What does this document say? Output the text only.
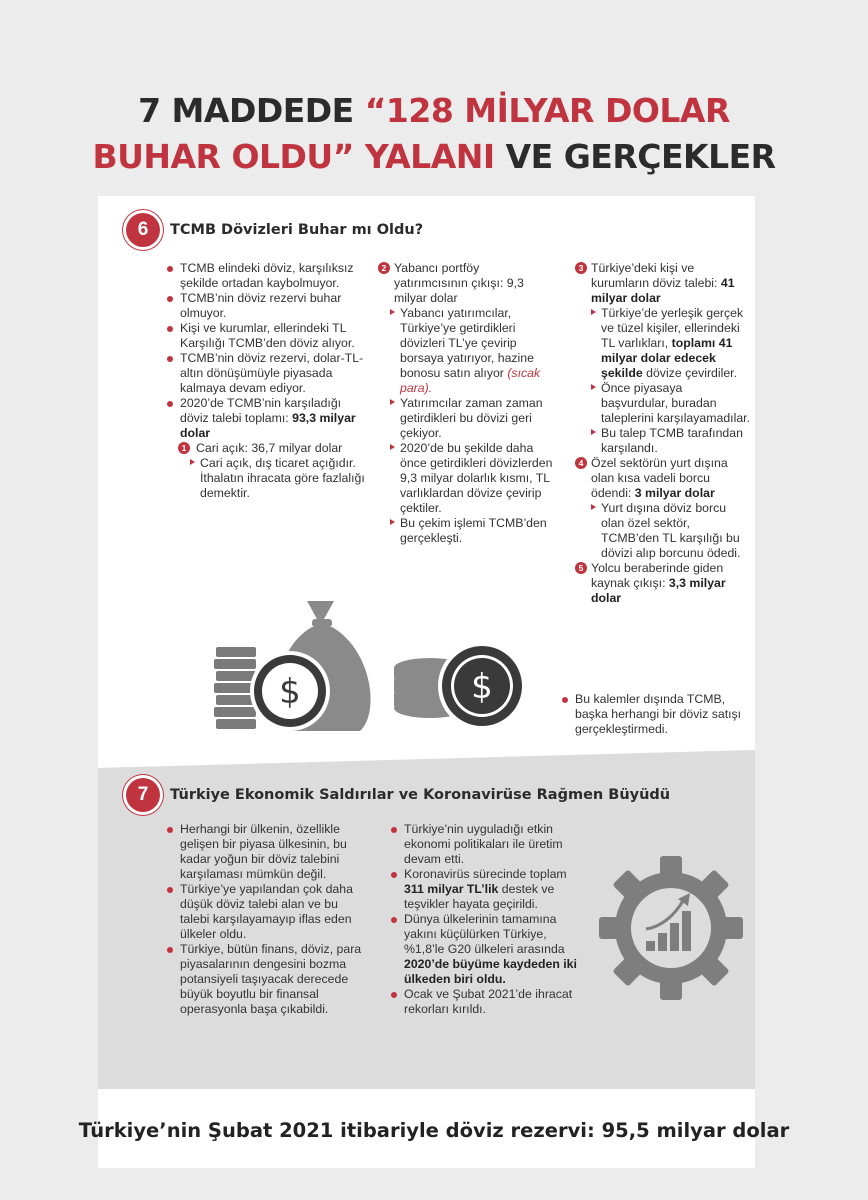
7 MADDEDE “128 MİLYAR DOLAR
BUHAR OLDU” YALANI VE GERÇEKLER
6	TCMB Dövizleri Buhar mı Oldu?

TCMB elindeki döviz, karşılıksız şekilde ortadan kaybolmuyor.

TCMB’nin döviz rezervi buhar olmuyor.

Kişi ve kurumlar, ellerindeki TL Karşılığı TCMB’den döviz alıyor.

TCMB’nin döviz rezervi, dolar-TL-altın dönüşümüyle piyasada kalmaya devam ediyor.

2020’de TCMB’nin karşıladığı döviz talebi toplamı: 93,3 milyar dolar

1 Cari açık: 36,7 milyar dolar

Cari açık, dış ticaret açığıdır. İthalatın ihracata göre fazlalığı demektir.

2 Yabancı portföy yatırımcısının çıkışı: 9,3 milyar dolar

Yabancı yatırımcılar, Türkiye’ye getirdikleri dövizleri TL’ye çevirip borsaya yatırıyor, hazine bonosu satın alıyor (sıcak para).

Yatırımcılar zaman zaman getirdikleri bu dövizi geri çekiyor.

2020’de bu şekilde daha önce getirdikleri dövizlerden 9,3 milyar dolarlık kısmı, TL varlıklardan dövize çevirip çektiler.

Bu çekim işlemi TCMB’den gerçekleşti.

3 Türkiye’deki kişi ve kurumların döviz talebi: 41 milyar dolar

Türkiye’de yerleşik gerçek ve tüzel kişiler, ellerindeki TL varlıkları, toplamı 41 milyar dolar edecek şekilde dövize çevirdiler.

Önce piyasaya başvurdular, buradan taleplerini karşılayamadılar.

Bu talep TCMB tarafından karşılandı.

4 Özel sektörün yurt dışına olan kısa vadeli borcu ödendi: 3 milyar dolar

Yurt dışına döviz borcu olan özel sektör, TCMB’den TL karşılığı bu dövizi alıp borcunu ödedi.

5 Yolcu beraberinde giden kaynak çıkışı: 3,3 milyar dolar

Bu kalemler dışında TCMB, başka herhangi bir döviz satışı gerçekleştirmedi.

$	$
7	Türkiye Ekonomik Saldırılar ve Koronavirüse Rağmen Büyüdü

Herhangi bir ülkenin, özellikle gelişen bir piyasa ülkesinin, bu kadar yoğun bir döviz talebini karşılaması mümkün değil.

Türkiye’ye yapılandan çok daha düşük döviz talebi alan ve bu talebi karşılayamayıp iflas eden ülkeler oldu.

Türkiye, bütün finans, döviz, para piyasalarının dengesini bozma potansiyeli taşıyacak derecede büyük boyutlu bir finansal operasyonla başa çıkabildi.

Türkiye’nin uyguladığı etkin ekonomi politikaları ile üretim devam etti.

Koronavirüs sürecinde toplam 311 milyar TL’lik destek ve teşvikler hayata geçirildi.

Dünya ülkelerinin tamamına yakını küçülürken Türkiye, %1,8’le G20 ülkeleri arasında 2020’de büyüme kaydeden iki ülkeden biri oldu.

Ocak ve Şubat 2021’de ihracat rekorları kırıldı.

Türkiye’nin Şubat 2021 itibariyle döviz rezervi: 95,5 milyar dolar
